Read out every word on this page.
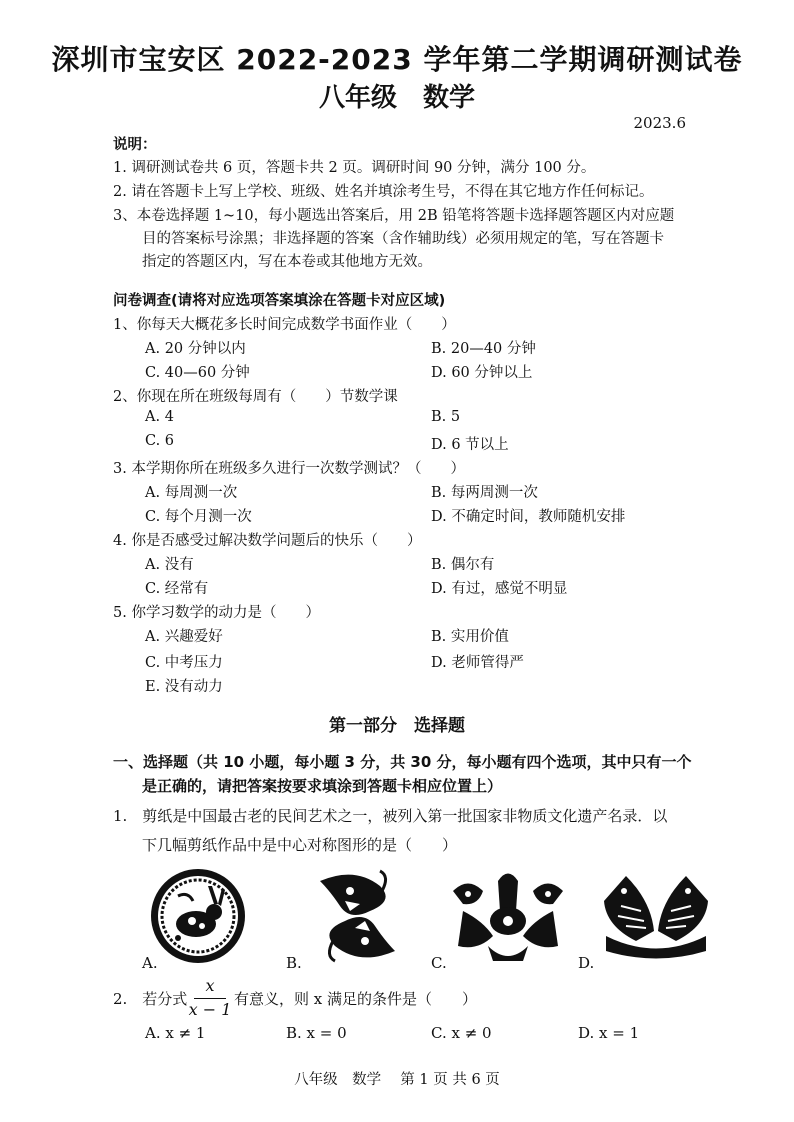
深圳市宝安区 2022-2023 学年第二学期调研测试卷
八年级　数学
2023.6
说明：
1. 调研测试卷共 6 页，答题卡共 2 页。调研时间 90 分钟，满分 100 分。
2. 请在答题卡上写上学校、班级、姓名并填涂考生号，不得在其它地方作任何标记。
3、本卷选择题 1~10，每小题选出答案后，用 2B 铅笔将答题卡选择题答题区内对应题
目的答案标号涂黑；非选择题的答案（含作辅助线）必须用规定的笔，写在答题卡
指定的答题区内，写在本卷或其他地方无效。
问卷调查(请将对应选项答案填涂在答题卡对应区域)
1、你每天大概花多长时间完成数学书面作业（　　）
A. 20 分钟以内	B. 20—40 分钟
C. 40—60 分钟	D. 60 分钟以上
2、你现在所在班级每周有（　　）节数学课
A. 4	B. 5
C. 6	D. 6 节以上
3. 本学期你所在班级多久进行一次数学测试？（　　）
A. 每周测一次	B. 每两周测一次
C. 每个月测一次	D. 不确定时间，教师随机安排
4. 你是否感受过解决数学问题后的快乐（　　）
A. 没有	B. 偶尔有
C. 经常有	D. 有过，感觉不明显
5. 你学习数学的动力是（　　）
A. 兴趣爱好	B. 实用价值
C. 中考压力	D. 老师管得严
E. 没有动力
第一部分　选择题
一、选择题（共 10 小题，每小题 3 分，共 30 分，每小题有四个选项，其中只有一个
是正确的，请把答案按要求填涂到答题卡相应位置上）
1.　剪纸是中国最古老的民间艺术之一，被列入第一批国家非物质文化遗产名录．以
下几幅剪纸作品中是中心对称图形的是（　　）
A.	B.	C.	D.
2.　若分式
x
x − 1
有意义，则 x 满足的条件是（　　）
A. x ≠ 1	B. x = 0	C. x ≠ 0	D. x = 1
八年级　数学　 第 1 页 共 6 页
